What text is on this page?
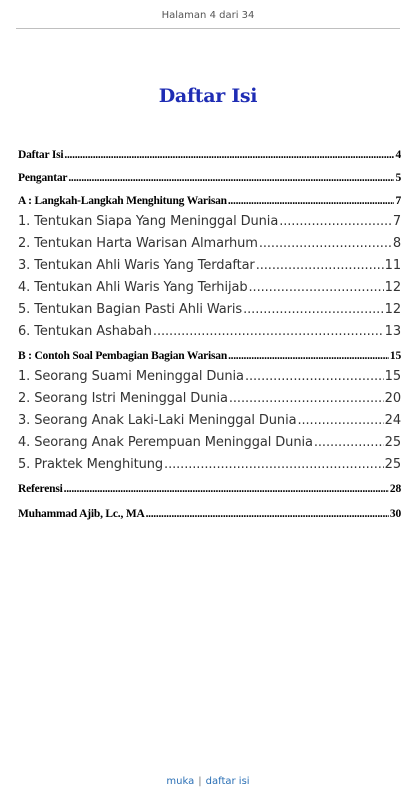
Halaman 4 dari 34
Daftar Isi
Daftar Isi .....	4
Pengantar .....	5
A : Langkah-Langkah Menghitung Warisan .....	7
1. Tentukan Siapa Yang Meninggal Dunia .....	7
2. Tentukan Harta Warisan Almarhum .....	8
3. Tentukan Ahli Waris Yang Terdaftar .....	11
4. Tentukan Ahli Waris Yang Terhijab .....	12
5. Tentukan Bagian Pasti Ahli Waris .....	12
6. Tentukan Ashabah .....	13
B : Contoh Soal Pembagian Bagian Warisan .....	15
1. Seorang Suami Meninggal Dunia .....	15
2. Seorang Istri Meninggal Dunia .....	20
3. Seorang Anak Laki-Laki Meninggal Dunia .....	24
4. Seorang Anak Perempuan Meninggal Dunia .....	25
5. Praktek Menghitung .....	25
Referensi .....	28
Muhammad Ajib, Lc., MA .....	30
muka | daftar isi
